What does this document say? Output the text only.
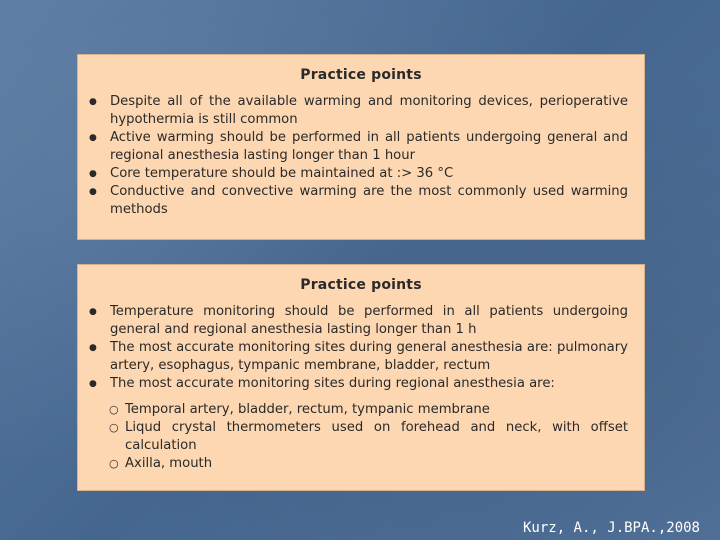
Practice points
● Despite all of the available warming and monitoring devices, perioperative hypothermia is still common
● Active warming should be performed in all patients undergoing general and regional anesthesia lasting longer than 1 hour
● Core temperature should be maintained at :> 36 °C
● Conductive and convective warming are the most commonly used warming methods
Practice points
● Temperature monitoring should be performed in all patients undergoing general and regional anesthesia lasting longer than 1 h
● The most accurate monitoring sites during general anesthesia are: pulmonary artery, esophagus, tympanic membrane, bladder, rectum
● The most accurate monitoring sites during regional anesthesia are:
○ Temporal artery, bladder, rectum, tympanic membrane
○ Liqud crystal thermometers used on forehead and neck, with offset calculation
○ Axilla, mouth
Kurz, A., J.BPA.,2008
